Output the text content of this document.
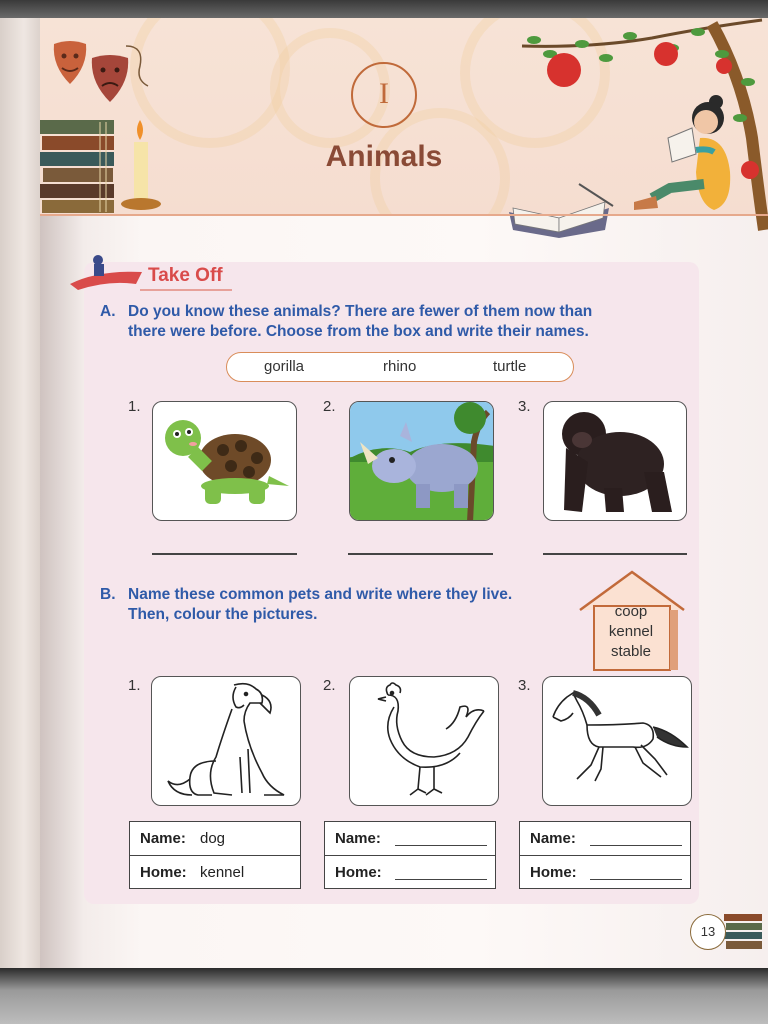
I
Animals
Take Off
A. Do you know these animals? There are fewer of them now than
there were before. Choose from the box and write their names.
gorilla	rhino	turtle
1.	2.	3.
B. Name these common pets and write where they live.
Then, colour the pictures.	coop
kennel
stable
1.	2.	3.
Name: dog
Home: kennel
Name:
Home:
Name:
Home:
13
